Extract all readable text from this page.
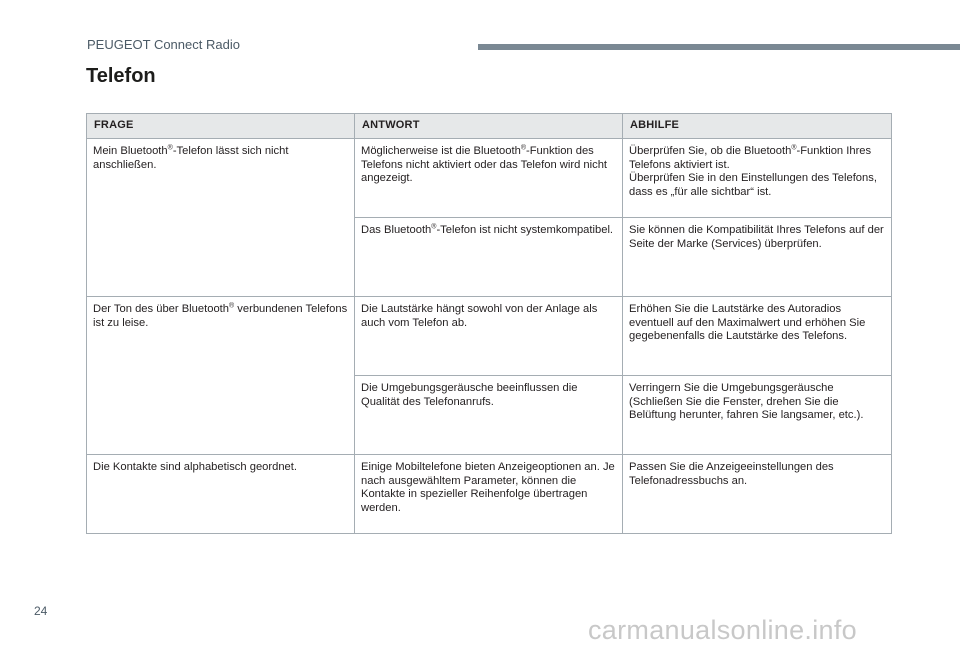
PEUGEOT Connect Radio
Telefon
FRAGE	ANTWORT	ABHILFE
Mein Bluetooth®-Telefon lässt sich nicht anschließen.	Möglicherweise ist die Bluetooth®-Funktion des Telefons nicht aktiviert oder das Telefon wird nicht angezeigt.	Überprüfen Sie, ob die Bluetooth®-Funktion Ihres Telefons aktiviert ist.
Überprüfen Sie in den Einstellungen des Telefons, dass es „für alle sichtbar“ ist.
	Das Bluetooth®-Telefon ist nicht systemkompatibel.	Sie können die Kompatibilität Ihres Telefons auf der Seite der Marke (Services) überprüfen.
Der Ton des über Bluetooth® verbundenen Telefons ist zu leise.	Die Lautstärke hängt sowohl von der Anlage als auch vom Telefon ab.	Erhöhen Sie die Lautstärke des Autoradios eventuell auf den Maximalwert und erhöhen Sie gegebenenfalls die Lautstärke des Telefons.
	Die Umgebungsgeräusche beeinflussen die Qualität des Telefonanrufs.	Verringern Sie die Umgebungsgeräusche (Schließen Sie die Fenster, drehen Sie die Belüftung herunter, fahren Sie langsamer, etc.).
Die Kontakte sind alphabetisch geordnet.	Einige Mobiltelefone bieten Anzeigeoptionen an. Je nach ausgewähltem Parameter, können die Kontakte in spezieller Reihenfolge übertragen werden.	Passen Sie die Anzeigeeinstellungen des Telefonadressbuchs an.
24
carmanualsonline.info
